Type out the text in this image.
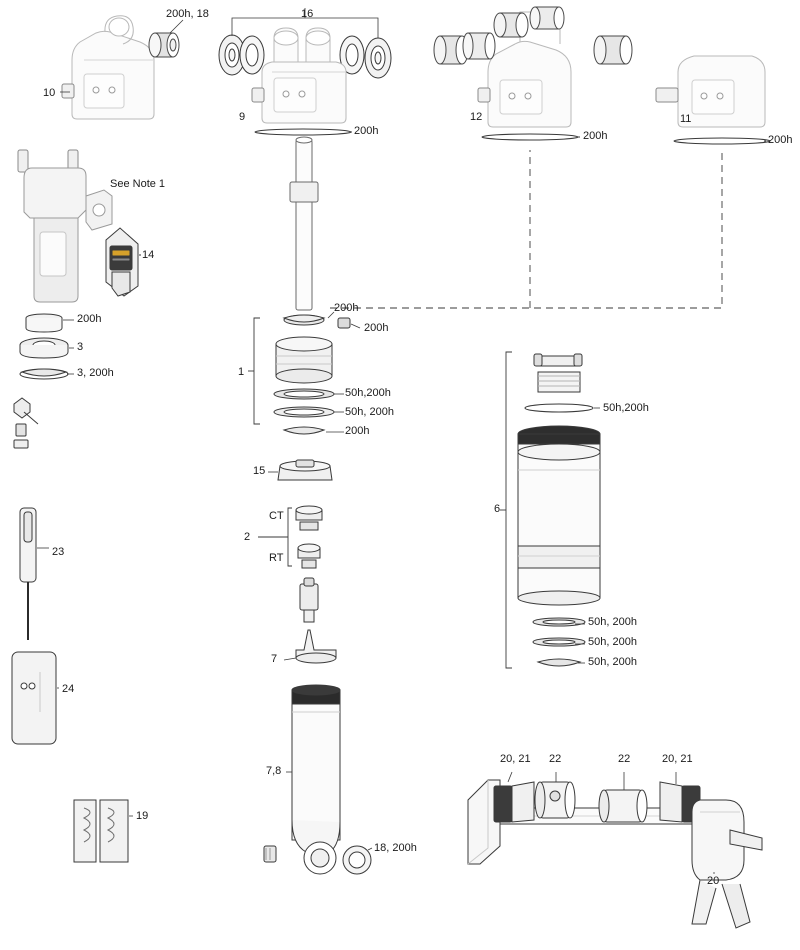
200h, 18	16
10
9
200h
12
200h
11
200h
See Note 1
14
200h
3
3, 200h
23
24
19
200h
200h
1
50h,200h
50h, 200h
200h
15
2
CT
RT
7
7,8
18, 200h
6
50h,200h
50h, 200h
50h, 200h
50h, 200h
20, 21 22	22	20, 21
20
